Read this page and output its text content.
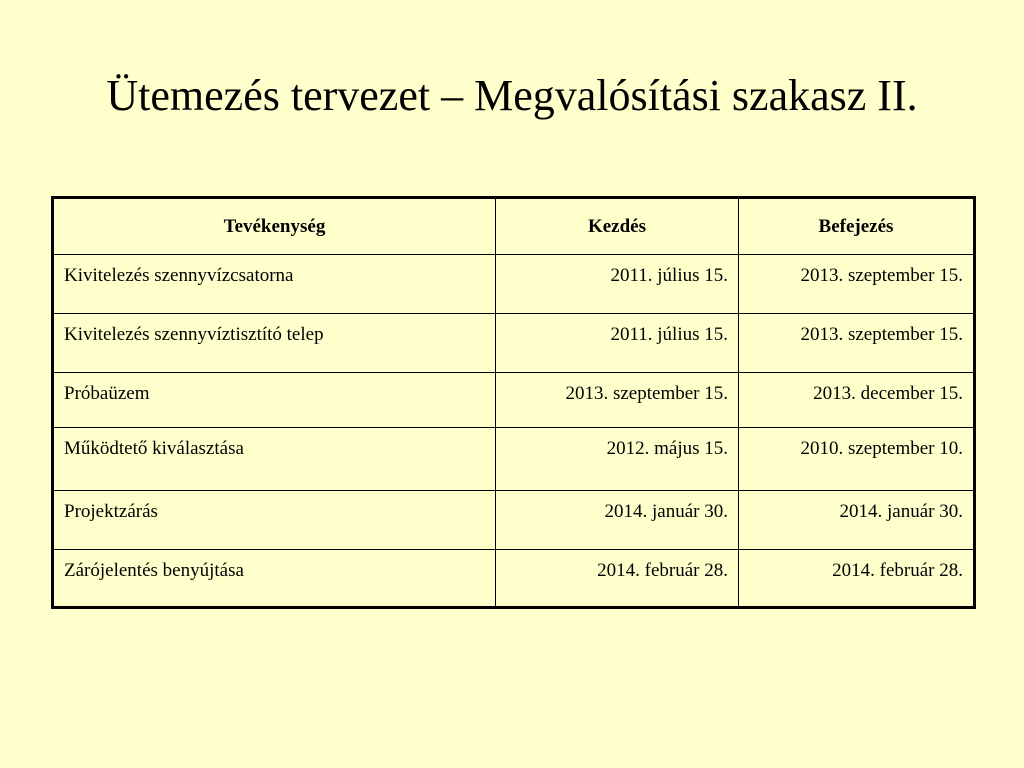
Ütemezés tervezet – Megvalósítási szakasz II.
Tevékenység	Kezdés	Befejezés
Kivitelezés szennyvízcsatorna	2011. július 15.	2013. szeptember 15.
Kivitelezés szennyvíztisztító telep	2011. július 15.	2013. szeptember 15.
Próbaüzem	2013. szeptember 15.	2013. december 15.
Működtető kiválasztása	2012. május 15.	2010. szeptember 10.
Projektzárás	2014. január 30.	2014. január 30.
Zárójelentés benyújtása	2014. február 28.	2014. február 28.
